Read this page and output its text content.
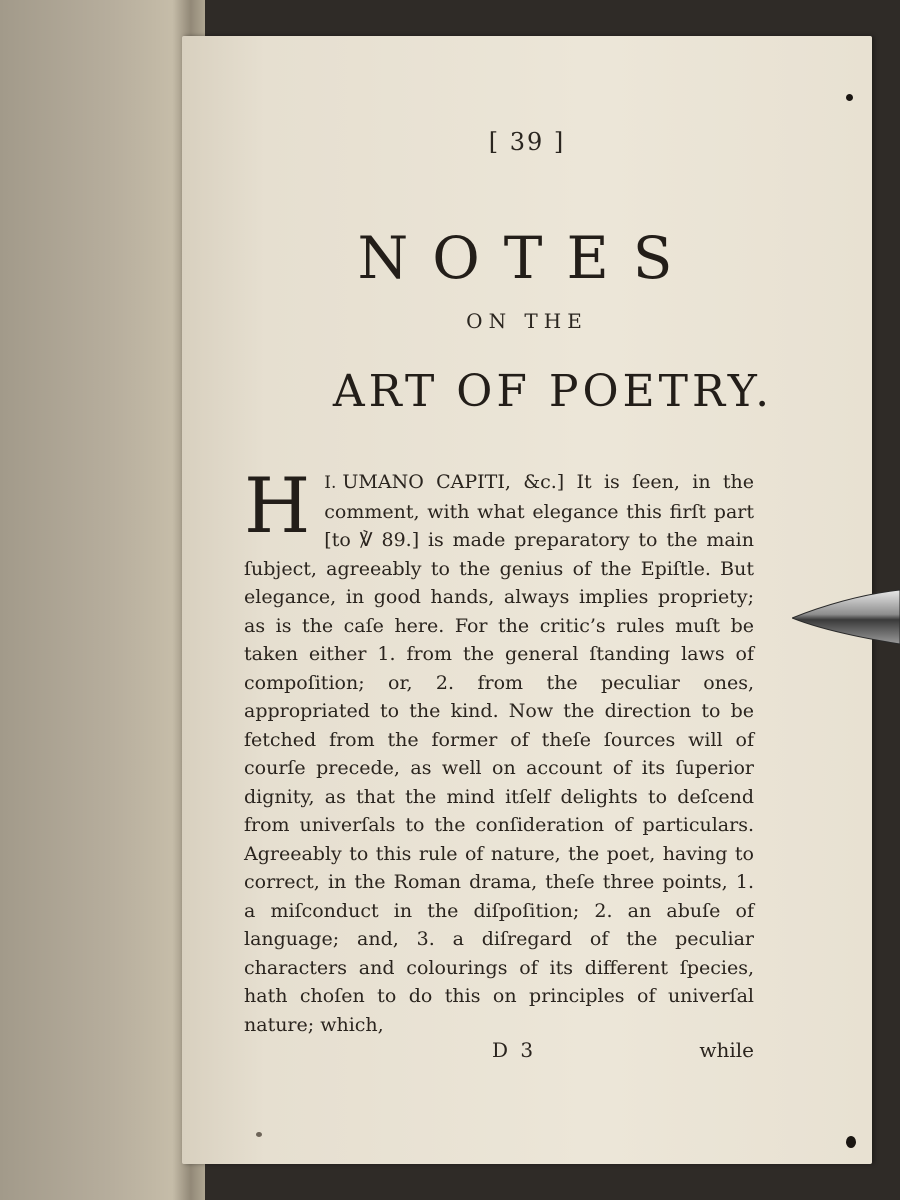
[ 39 ]
NOTES
ON THE
ART OF POETRY.
I.
H UMANO CAPITI, &c.] It is ſeen, in the comment, with what elegance this firſt part [to ℣ 89.] is made preparatory to the main ſubject, agreeably to the genius of the Epiſtle. But elegance, in good hands, always implies propriety; as is the caſe here. For the critic’s rules muſt be taken either 1. from the general ſtanding laws of compoſition; or, 2. from the peculiar ones, appropriated to the kind. Now the direction to be fetched from the former of theſe ſources will of courſe precede, as well on account of its ſuperior dignity, as that the mind itſelf delights to deſcend from univerſals to the conſideration of particulars. Agreeably to this rule of nature, the poet, having to correct, in the Roman drama, theſe three points, 1. a miſconduct in the diſpoſition; 2. an abuſe of language; and, 3. a diſregard of the peculiar characters and colourings of its different ſpecies, hath choſen to do this on principles of univerſal nature; which,
D 3	while
